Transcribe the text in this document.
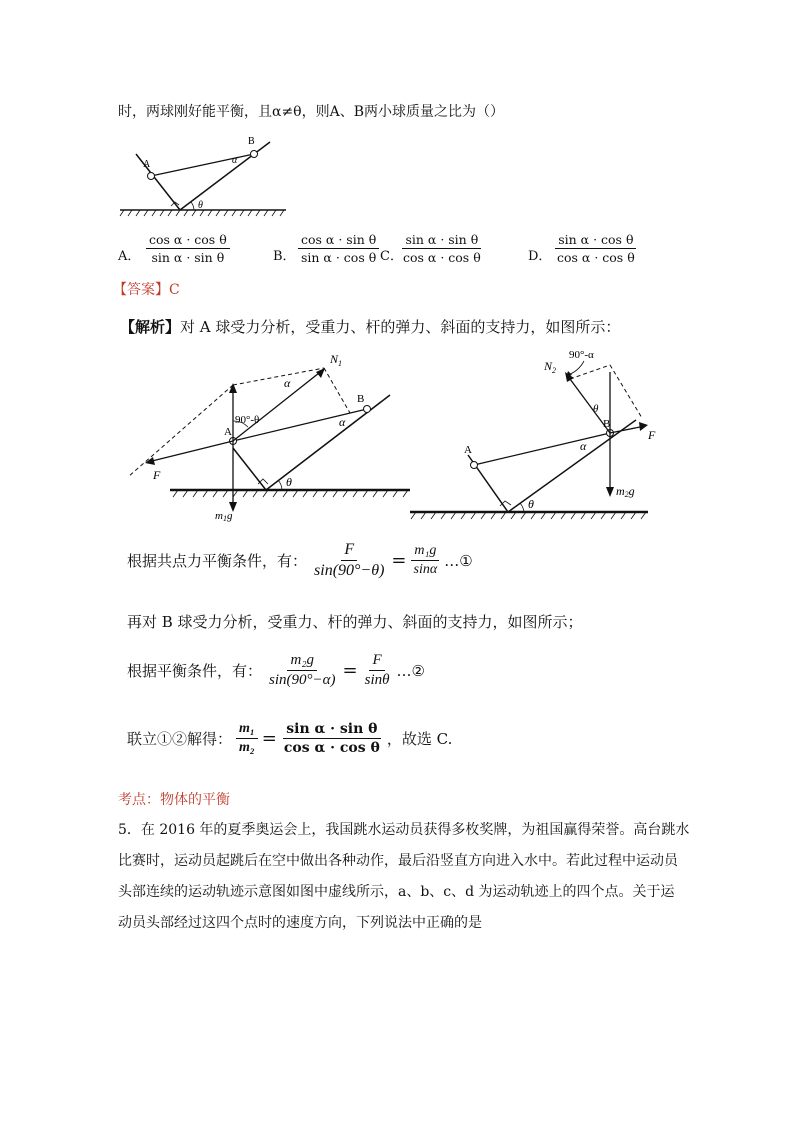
时，两球刚好能平衡，且α≠θ，则A、B两小球质量之比为（）
A
B
α
θ
A． $\frac{\text{cos α · cos θ}}{\text{sin α · sin θ}}$	B． $\frac{\text{cos α · sin θ}}{\text{sin α · cos θ}}$ C．
$\frac{\text{sin α · sin θ}}{\text{cos α · cos θ}}$	D． $\frac{\text{sin α · cos θ}}{\text{cos α · cos θ}}$
【答案】C
【解析】对 A 球受力分析，受重力、杆的弹力、斜面的支持力，如图所示：
$N_1$
α
90°-θ
A
B
α
F	θ
m1g
$N_2$
90°-α
θ
B
α
A
F
θ
m2g
根据共点力平衡条件，有： $\frac{F}{\sin(90^\circ-\theta)} = \frac{\text{m₁g}}{\sin\alpha}$ …①
再对 B 球受力分析，受重力、杆的弹力、斜面的支持力，如图所示；
根据平衡条件，有： $\frac{\text{m₂g}}{\sin(90^\circ-\alpha)} = \frac{F}{\sin\theta}$ …②
联立①②解得： $\frac{\text{m₁}}{\text{m₂}} = \frac{\text{sin α · sin θ}}{\text{cos α · cos θ}}$ ，故选 C.
考点：物体的平衡
5．在 2016 年的夏季奥运会上，我国跳水运动员获得多枚奖牌，为祖国赢得荣誉。高台跳水
比赛时，运动员起跳后在空中做出各种动作，最后沿竖直方向进入水中。若此过程中运动员
头部连续的运动轨迹示意图如图中虚线所示，a、b、c、d 为运动轨迹上的四个点。关于运
动员头部经过这四个点时的速度方向，下列说法中正确的是
